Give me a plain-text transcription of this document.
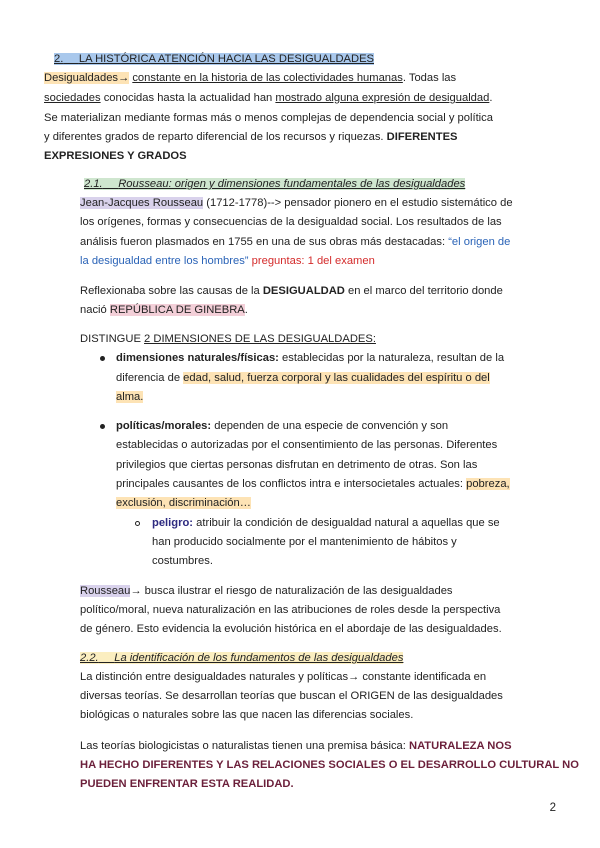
2. LA HISTÓRICA ATENCIÓN HACIA LAS DESIGUALDADES
Desigualdades→ constante en la historia de las colectividades humanas. Todas las
sociedades conocidas hasta la actualidad han mostrado alguna expresión de desigualdad.
Se materializan mediante formas más o menos complejas de dependencia social y política
y diferentes grados de reparto diferencial de los recursos y riquezas. DIFERENTES
EXPRESIONES Y GRADOS
2.1. Rousseau: origen y dimensiones fundamentales de las desigualdades
Jean-Jacques Rousseau (1712-1778)--> pensador pionero en el estudio sistemático de
los orígenes, formas y consecuencias de la desigualdad social. Los resultados de las
análisis fueron plasmados en 1755 en una de sus obras más destacadas: “el origen de
la desigualdad entre los hombres” preguntas: 1 del examen
Reflexionaba sobre las causas de la DESIGUALDAD en el marco del territorio donde
nació REPÚBLICA DE GINEBRA.
DISTINGUE 2 DIMENSIONES DE LAS DESIGUALDADES:
dimensiones naturales/físicas: establecidas por la naturaleza, resultan de la
diferencia de edad, salud, fuerza corporal y las cualidades del espíritu o del
alma.
políticas/morales: dependen de una especie de convención y son
establecidas o autorizadas por el consentimiento de las personas. Diferentes
privilegios que ciertas personas disfrutan en detrimento de otras. Son las
principales causantes de los conflictos intra e intersocietales actuales: pobreza,
exclusión, discriminación…
peligro: atribuir la condición de desigualdad natural a aquellas que se
han producido socialmente por el mantenimiento de hábitos y
costumbres.
Rousseau→ busca ilustrar el riesgo de naturalización de las desigualdades
político/moral, nueva naturalización en las atribuciones de roles desde la perspectiva
de género. Esto evidencia la evolución histórica en el abordaje de las desigualdades.
2.2. La identificación de los fundamentos de las desigualdades
La distinción entre desigualdades naturales y políticas→ constante identificada en
diversas teorías. Se desarrollan teorías que buscan el ORIGEN de las desigualdades
biológicas o naturales sobre las que nacen las diferencias sociales.
Las teorías biologicistas o naturalistas tienen una premisa básica: NATURALEZA NOS
HA HECHO DIFERENTES Y LAS RELACIONES SOCIALES O EL DESARROLLO CULTURAL NO
PUEDEN ENFRENTAR ESTA REALIDAD.
2
